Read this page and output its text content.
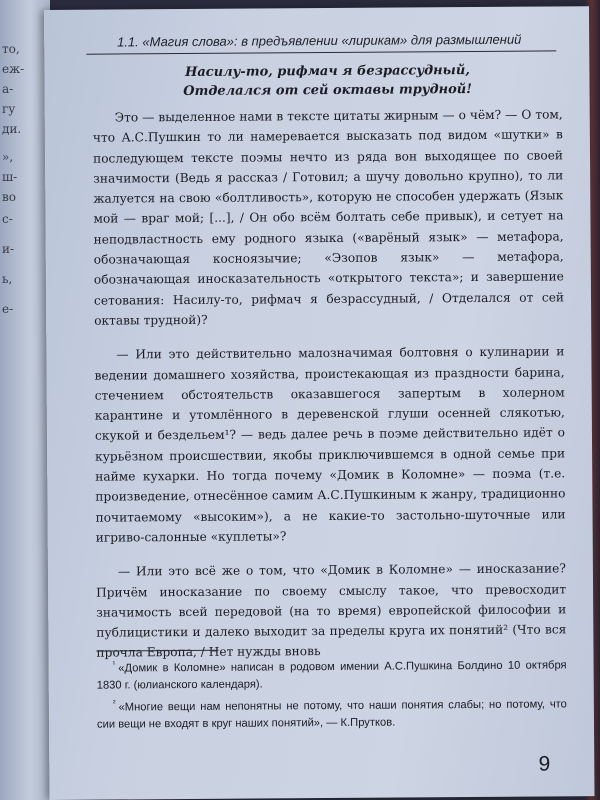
то,
еж-
а-
гу
ди.
»,
ш-
во
с-
и-
ь,
е-
1.1. «Магия слова»: в предъявлении «лирикам» для размышлений
Насилу-то, рифмач я безрассудный,
Отделался от сей октавы трудной!

Это — выделенное нами в тексте цитаты жирным — о чём? — О том, что А.С.Пушкин то ли намеревается высказать под видом «шутки» в последующем тексте поэмы нечто из ряда вон выходящее по своей значимости (Ведь я рассказ / Готовил; а шучу довольно крупно), то ли жалуется на свою «болтливость», которую не способен удержать (Язык мой — враг мой; [...], / Он обо всём болтать себе привык), и сетует на неподвластность ему родного языка («варёный язык» — метафора, обозначающая косноязычие; «Эзопов язык» — метафора, обозначающая иносказательность «открытого текста»; и завершение сетования: Насилу-то, рифмач я безрассудный, / Отделался от сей октавы трудной)?

— Или это действительно малозначимая болтовня о кулинарии и ведении домашнего хозяйства, проистекающая из праздности барина, стечением обстоятельств оказавшегося запертым в холерном карантине и утомлённого в деревенской глуши осенней слякотью, скукой и бездельем¹? — ведь далее речь в поэме действительно идёт о курьёзном происшествии, якобы приключившемся в одной семье при найме кухарки. Но тогда почему «Домик в Коломне» — поэма (т.е. произведение, отнесённое самим А.С.Пушкиным к жанру, традиционно почитаемому «высоким»), а не какие-то застольно-шуточные или игриво-салонные «куплеты»?

— Или это всё же о том, что «Домик в Коломне» — иносказание? Причём иносказание по своему смыслу такое, что превосходит значимость всей передовой (на то время) европейской философии и публицистики и далеко выходит за пределы круга их понятий² (Что вся прочла Европа, / Нет нужды вновь

$^{^1}$ «Домик в Коломне» написан в родовом имении А.С.Пушкина Болдино 10 октября 1830 г. (юлианского календаря).

$^{^2}$ «Многие вещи нам непонятны не потому, что наши понятия слабы; но потому, что сии вещи не входят в круг наших понятий», — К.Прутков.

9
